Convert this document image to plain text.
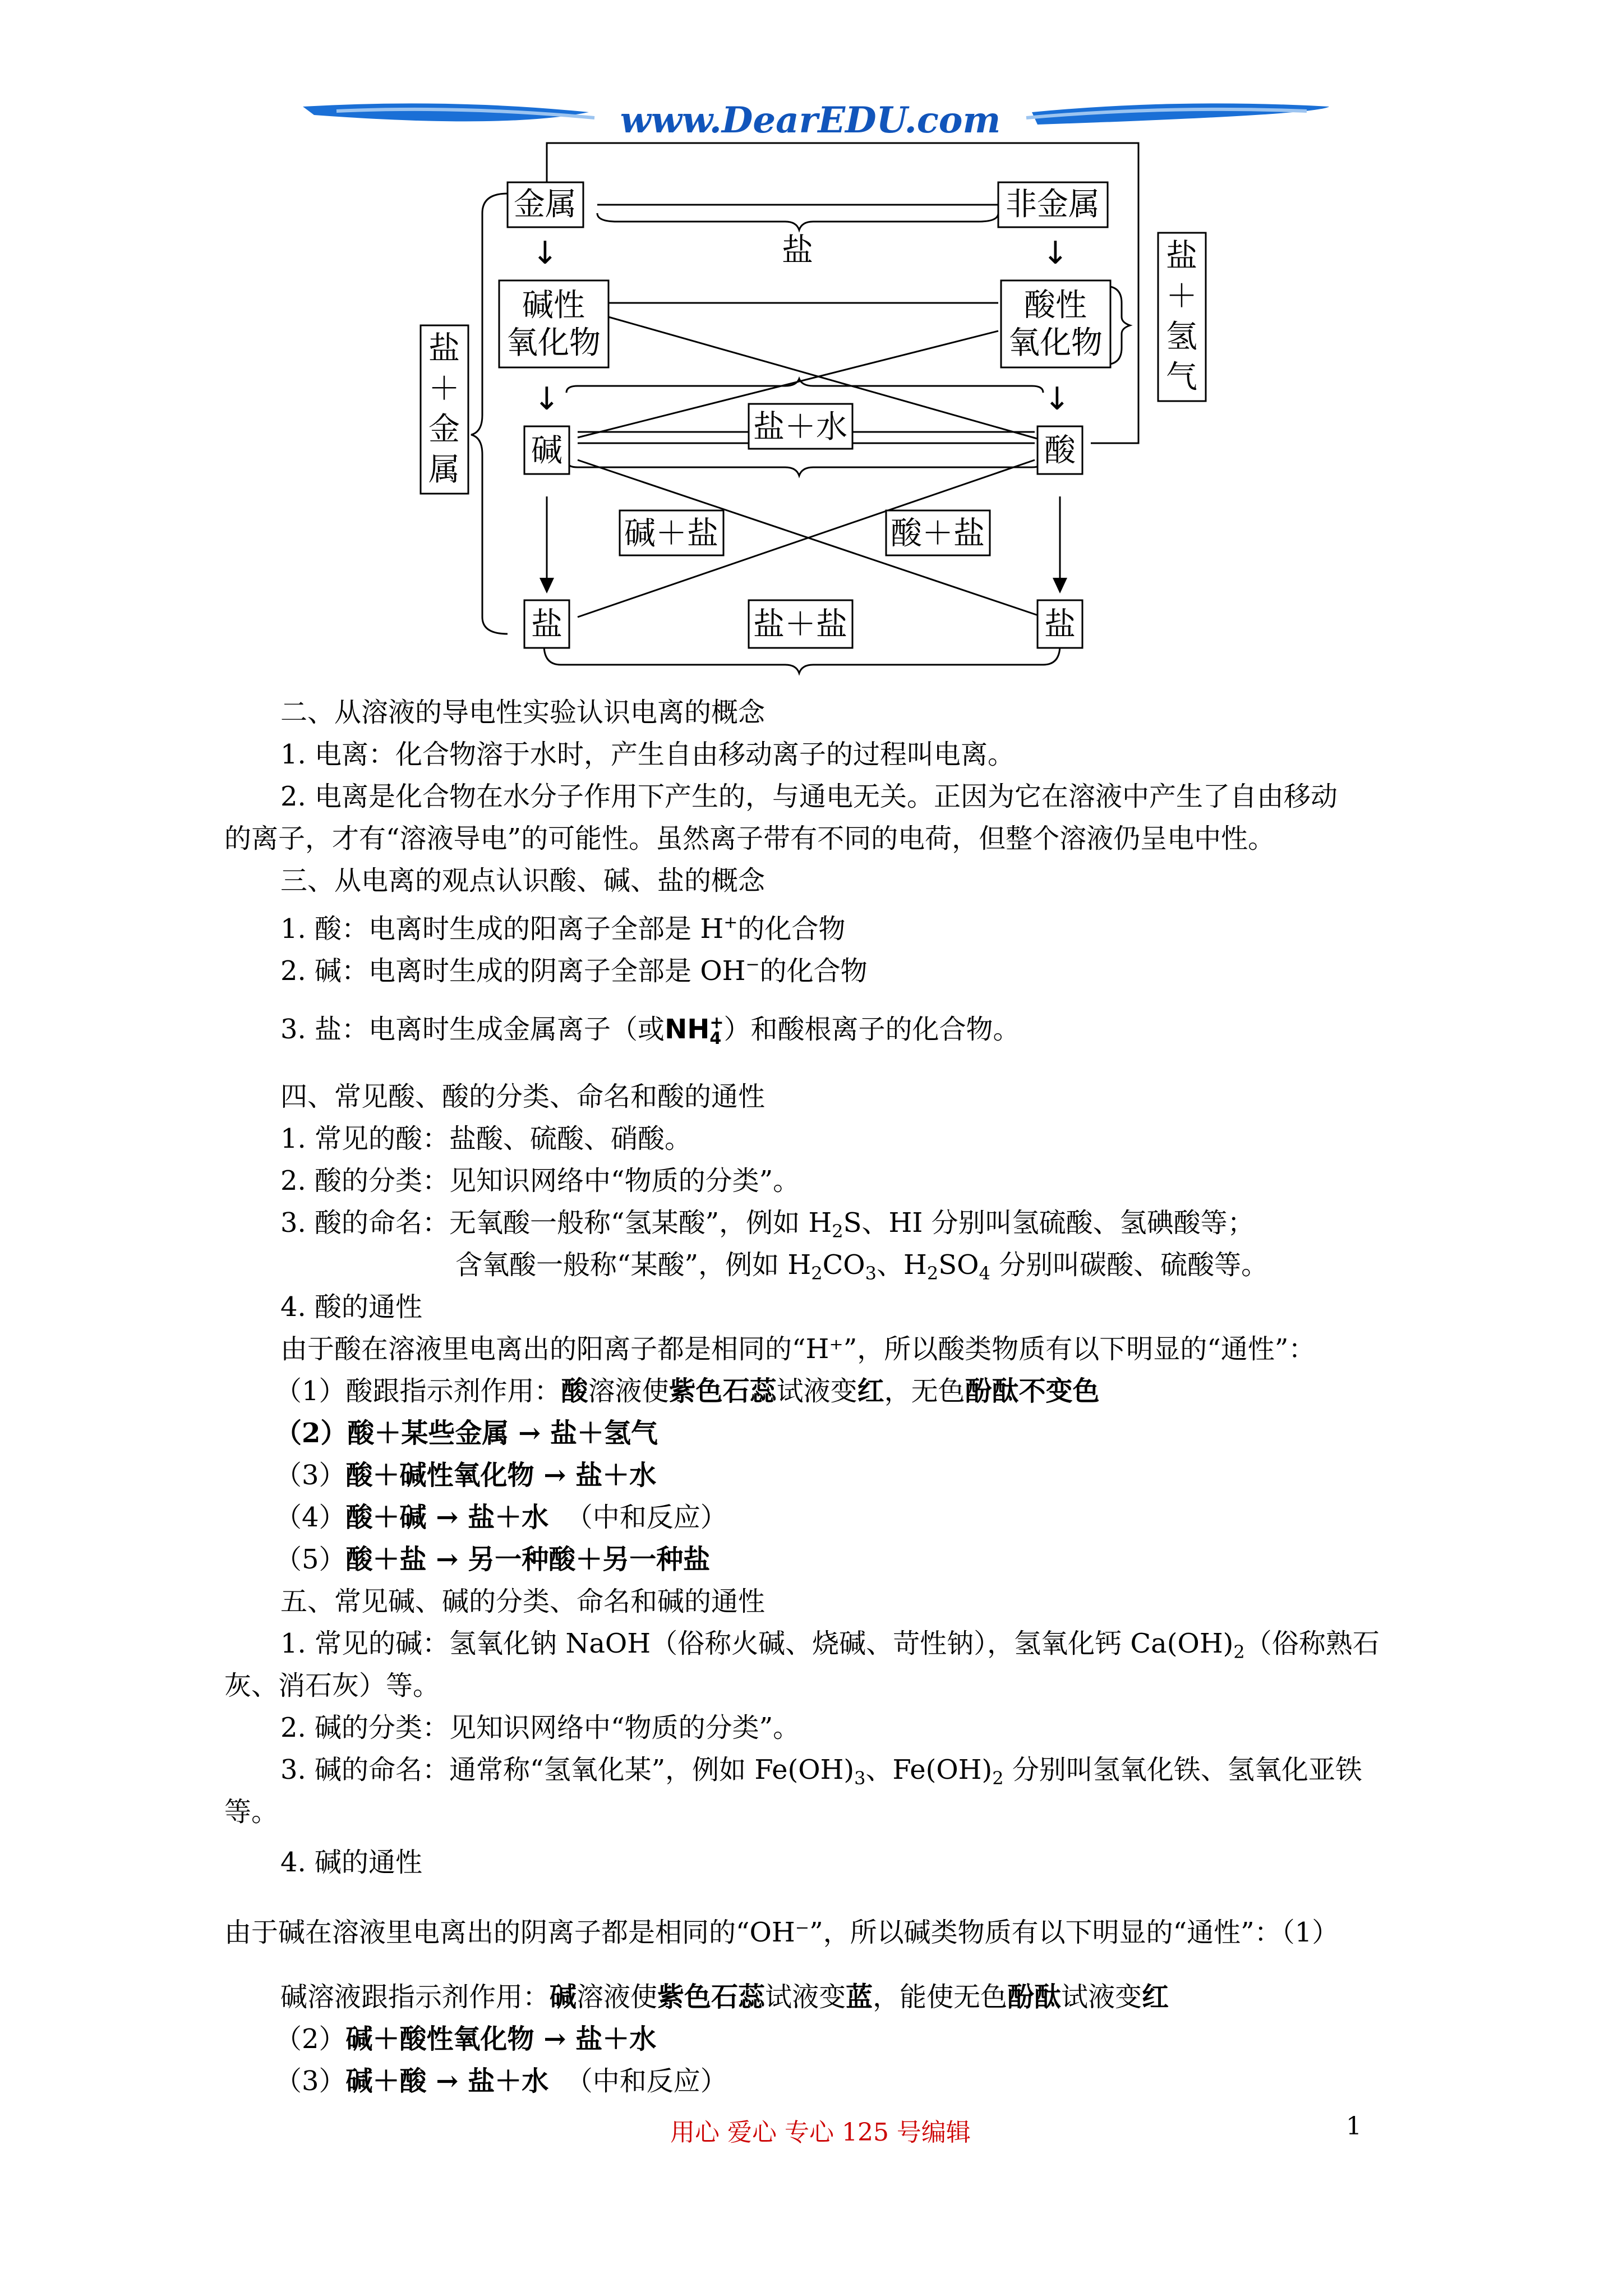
www.DearEDU.com
金属	非金属
盐
↓	↓
碱性
氧化物
酸性
氧化物
盐
＋
金
属
盐
＋
氢
气
↓	↓
盐＋水
碱	酸
碱＋盐	酸＋盐
盐	盐＋盐	盐
二、从溶液的导电性实验认识电离的概念
1. 电离：化合物溶于水时，产生自由移动离子的过程叫电离。
2. 电离是化合物在水分子作用下产生的，与通电无关。正因为它在溶液中产生了自由移动
的离子，才有“溶液导电”的可能性。虽然离子带有不同的电荷，但整个溶液仍呈电中性。
三、从电离的观点认识酸、碱、盐的概念
1. 酸：电离时生成的阳离子全部是 H+的化合物
2. 碱：电离时生成的阴离子全部是 OH−的化合物
3. 盐：电离时生成金属离子（或NH +
4 ）和酸根离子的化合物。
四、常见酸、酸的分类、命名和酸的通性
1. 常见的酸：盐酸、硫酸、硝酸。
2. 酸的分类：见知识网络中“物质的分类”。
3. 酸的命名：无氧酸一般称“氢某酸”，例如 $H_2S$、HI 分别叫氢硫酸、氢碘酸等；
含氧酸一般称“某酸”，例如 $H_2CO_3$、$H_2SO_4$ 分别叫碳酸、硫酸等。
4. 酸的通性
由于酸在溶液里电离出的阳离子都是相同的“H⁺”，所以酸类物质有以下明显的“通性”：
（1）酸跟指示剂作用：酸溶液使紫色石蕊试液变红，无色酚酞不变色
（2）酸＋某些金属 → 盐＋氢气
（3）酸＋碱性氧化物 → 盐＋水
（4）酸＋碱 → 盐＋水 （中和反应）
（5）酸＋盐 → 另一种酸＋另一种盐
五、常见碱、碱的分类、命名和碱的通性
1. 常见的碱：氢氧化钠 NaOH（俗称火碱、烧碱、苛性钠），氢氧化钙 $Ca(OH)_2$（俗称熟石
灰、消石灰）等。
2. 碱的分类：见知识网络中“物质的分类”。
3. 碱的命名：通常称“氢氧化某”，例如 $Fe(OH)_3$、$Fe(OH)_2$ 分别叫氢氧化铁、氢氧化亚铁
等。
4. 碱的通性
由于碱在溶液里电离出的阴离子都是相同的“OH⁻”，所以碱类物质有以下明显的“通性”：（1）
碱溶液跟指示剂作用：碱溶液使紫色石蕊试液变蓝，能使无色酚酞试液变红
（2）碱＋酸性氧化物 → 盐＋水
（3）碱＋酸 → 盐＋水 （中和反应）
用心 爱心 专心 125 号编辑	1
